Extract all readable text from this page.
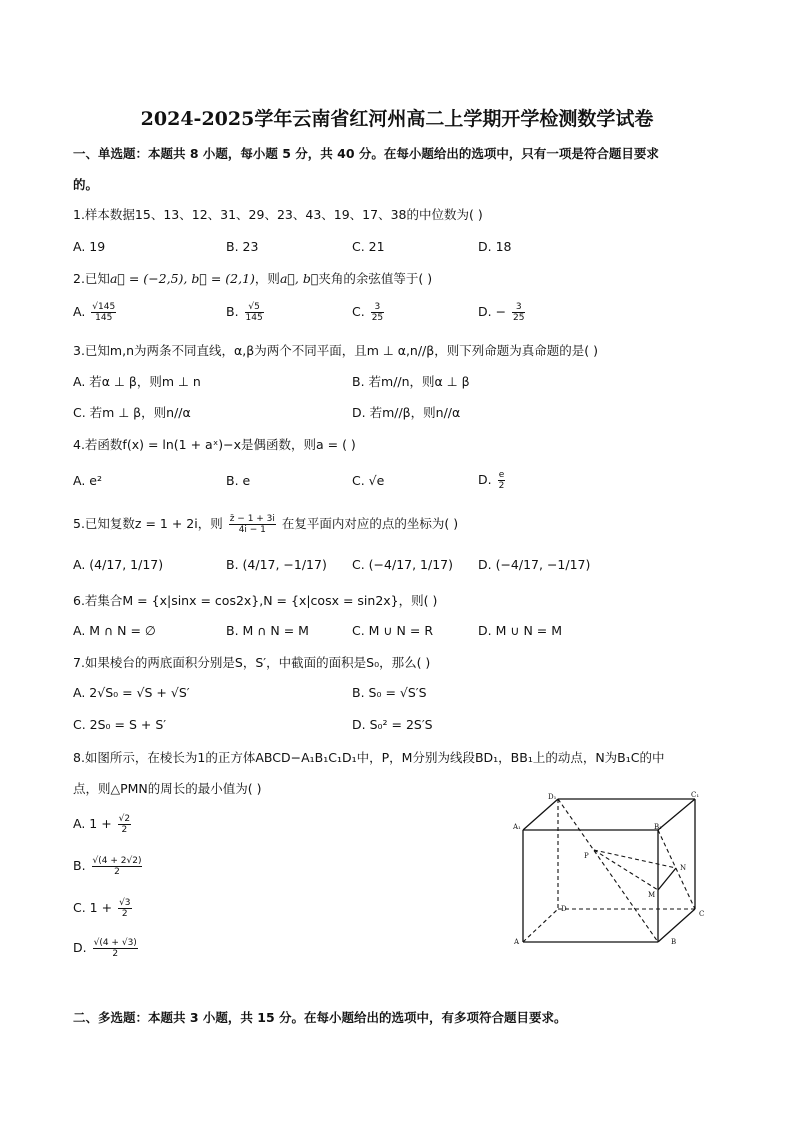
2024-2025学年云南省红河州高二上学期开学检测数学试卷
一、单选题：本题共 8 小题，每小题 5 分，共 40 分。在每小题给出的选项中，只有一项是符合题目要求
的。
1.样本数据15、13、12、31、29、23、43、19、17、38的中位数为( )
A. 19	B. 23	C. 21	D. 18
2.已知a⃗ = (−2,5), b⃗ = (2,1)，则a⃗, b⃗夹角的余弦值等于( )
A. $\frac{√145}{145}$	B. $\frac{√5}{145}$	C. $\frac{3}{25}$	D. − $\frac{3}{25}$
3.已知m,n为两条不同直线，α,β为两个不同平面，且m ⊥ α,n//β，则下列命题为真命题的是( )
A. 若α ⊥ β，则m ⊥ n	B. 若m//n，则α ⊥ β
C. 若m ⊥ β，则n//α	D. 若m//β，则n//α
4.若函数f(x) = ln(1 + aˣ)−x是偶函数，则a = ( )
A. e²	B. e	C. √e	D. $\frac{e}{2}$
5.已知复数z = 1 + 2i，则 $\frac{z̄ - 1 + 3i}{4i - 1}$ 在复平面内对应的点的坐标为( )
A. (4/17, 1/17)	B. (4/17, −1/17) C. (−4/17, 1/17) D. (−4/17, −1/17)
6.若集合M = {x|sinx = cos2x},N = {x|cosx = sin2x}，则( )
A. M ∩ N = ∅	B. M ∩ N = M	C. M ∪ N = R	D. M ∪ N = M
7.如果棱台的两底面积分别是S，S′，中截面的面积是S₀，那么( )
A. 2√S₀ = √S + √S′	B. S₀ = √S′S
C. 2S₀ = S + S′	D. S₀² = 2S′S
8.如图所示，在棱长为1的正方体ABCD−A₁B₁C₁D₁中，P，M分别为线段BD₁，BB₁上的动点，N为B₁C的中
点，则△PMN的周长的最小值为( )
A. $1 + \frac{√2}{2}$
B. $\frac{√(4 + 2√2)}{2}$
C. $1 + \frac{√3}{2}$
D. $\frac{√(4 + √3)}{2}$
D₁	C₁
A₁	B₁
P
N
M
D
C
A	B
二、多选题：本题共 3 小题，共 15 分。在每小题给出的选项中，有多项符合题目要求。
